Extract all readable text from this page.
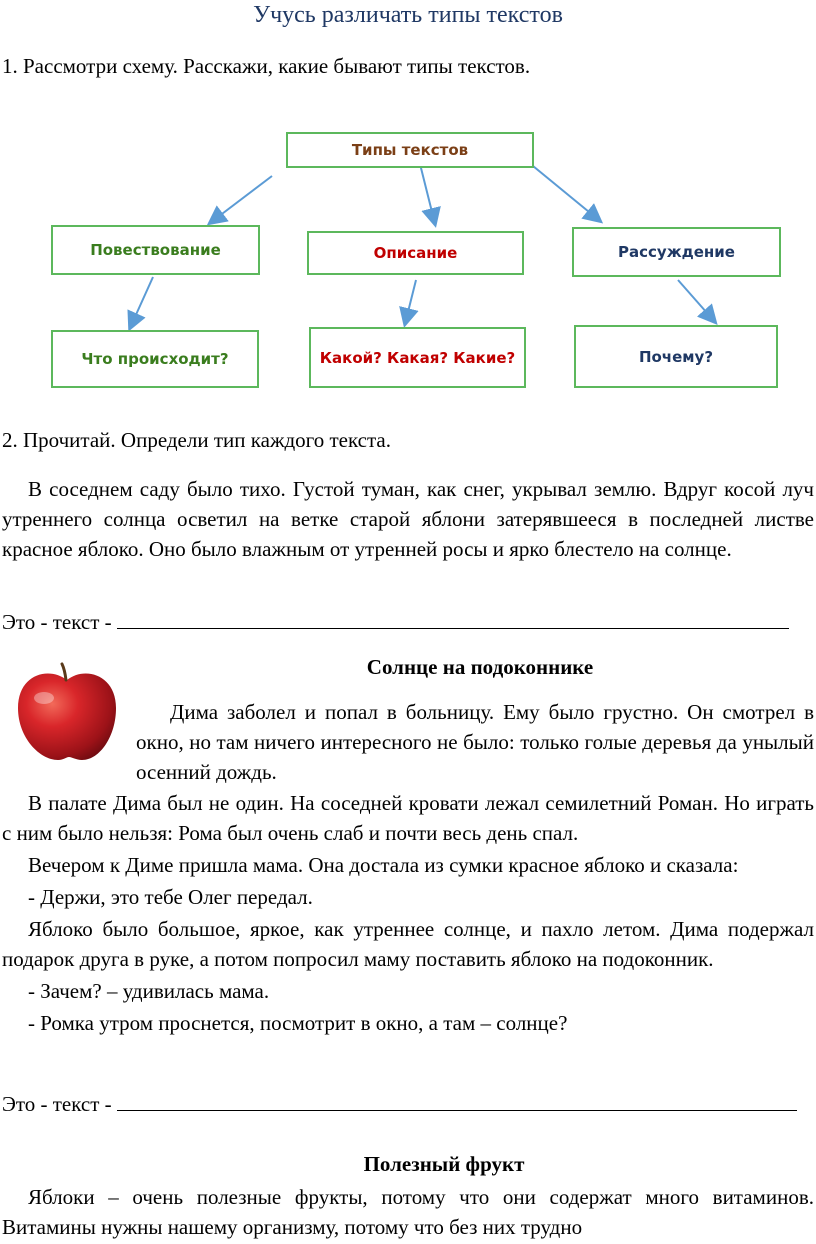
Учусь различать типы текстов
1. Рассмотри схему. Расскажи, какие бывают типы текстов.
Типы текстов
Повествование	Описание	Рассуждение
Что происходит?	Какой? Какая? Какие?	Почему?
2. Прочитай. Определи тип каждого текста.

В соседнем саду было тихо. Густой туман, как снег, укрывал землю. Вдруг косой луч утреннего солнца осветил на ветке старой яблони затерявшееся в последней листве красное яблоко. Оно было влажным от утренней росы и ярко блестело на солнце.

Это - текст -
Солнце на подоконнике

Дима заболел и попал в больницу. Ему было грустно. Он смотрел в окно, но там ничего интересного не было: только голые деревья да унылый осенний дождь.

В палате Дима был не один. На соседней кровати лежал семилетний Роман. Но играть с ним было нельзя: Рома был очень слаб и почти весь день спал.

Вечером к Диме пришла мама. Она достала из сумки красное яблоко и сказала:

- Держи, это тебе Олег передал.

Яблоко было большое, яркое, как утреннее солнце, и пахло летом. Дима подержал подарок друга в руке, а потом попросил маму поставить яблоко на подоконник.

- Зачем? – удивилась мама.

- Ромка утром проснется, посмотрит в окно, а там – солнце?

Это - текст -
Полезный фрукт

Яблоки – очень полезные фрукты, потому что они содержат много витаминов. Витамины нужны нашему организму, потому что без них трудно
